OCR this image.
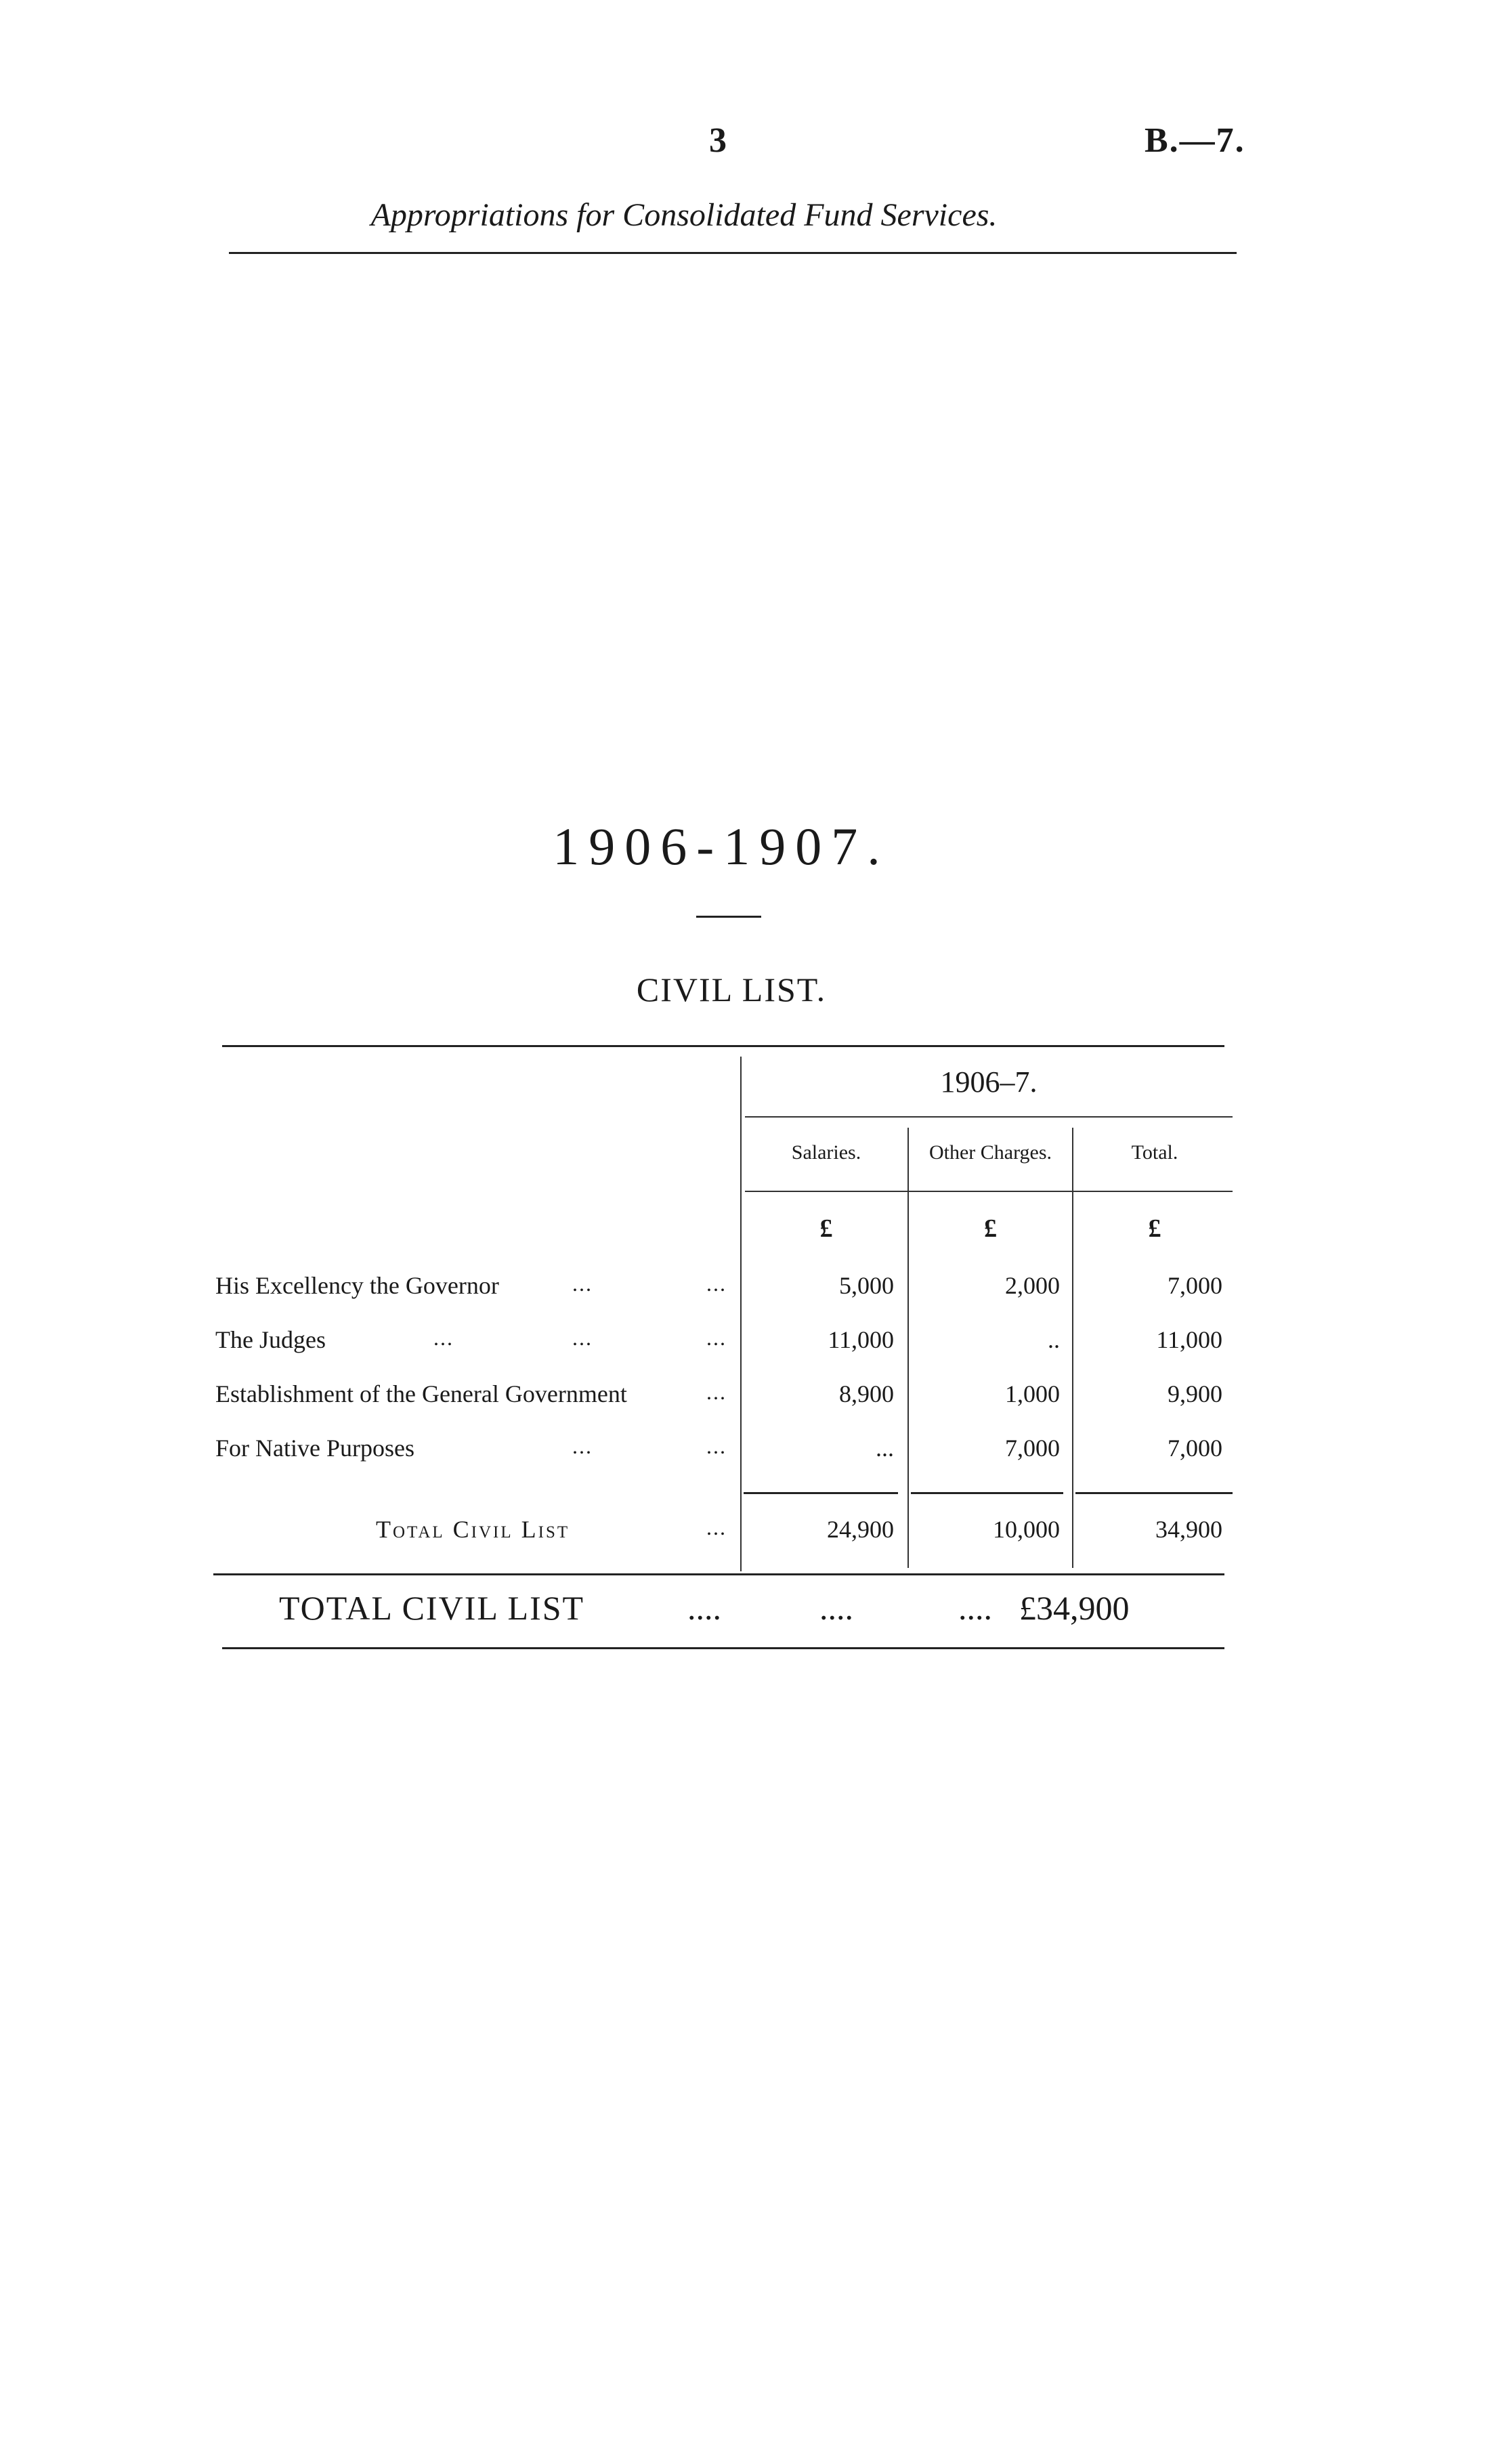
3	B.—7.
Appropriations for Consolidated Fund Services.
1906-1907.
CIVIL LIST.
1906–7.
Salaries.	Other Charges.	Total.
£	£	£
His Excellency the Governor	...	...	5,000	2,000	7,000
The Judges	...	...	...	11,000	..	11,000
Establishment of the General Government	...	8,900	1,000	9,900
For Native Purposes	...	...	...	7,000	7,000
Total Civil List	...	24,900	10,000	34,900
TOTAL CIVIL LIST	....	....	.... £34,900
